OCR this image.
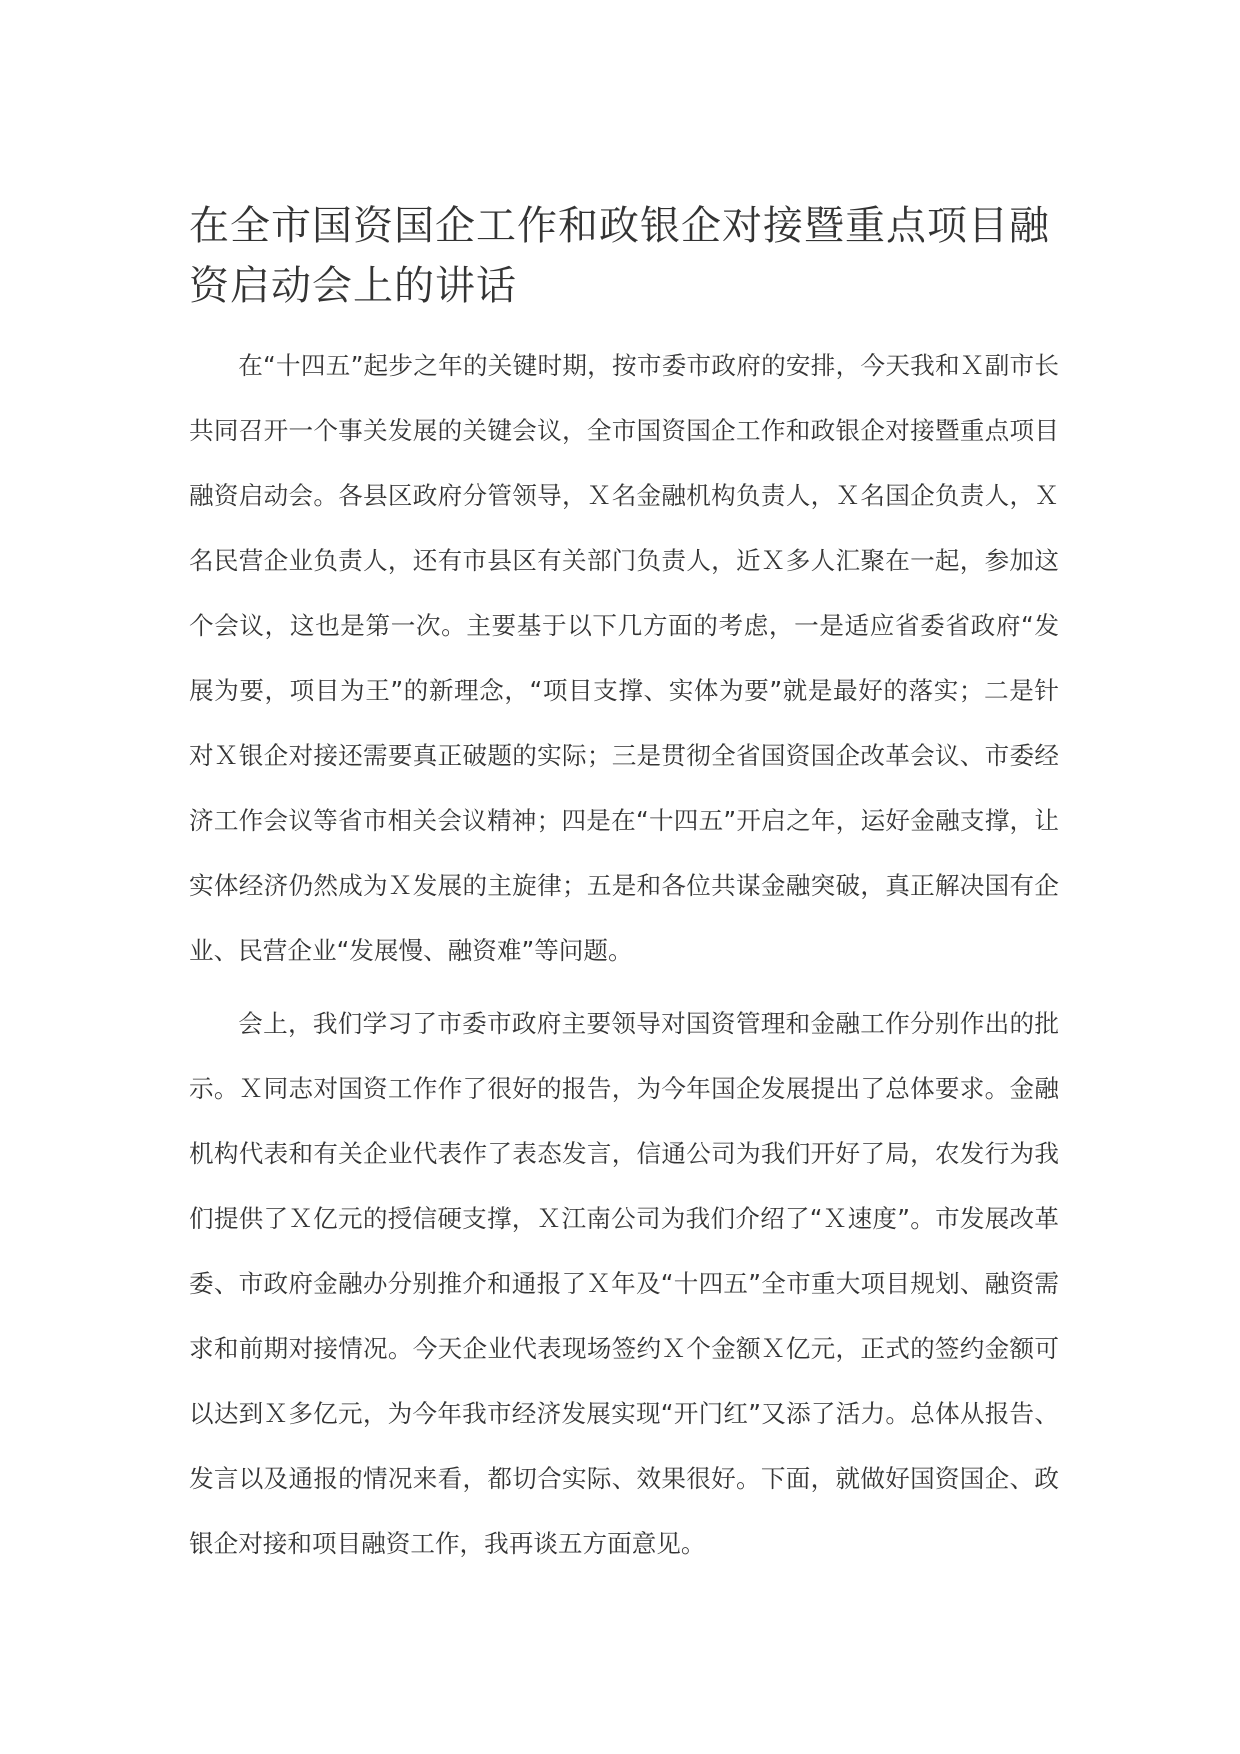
在全市国资国企工作和政银企对接暨重点项目融资启动会上的讲话

在“十四五”起步之年的关键时期，按市委市政府的安排，今天我和Ｘ副市长共同召开一个事关发展的关键会议，全市国资国企工作和政银企对接暨重点项目融资启动会。各县区政府分管领导，Ｘ名金融机构负责人，Ｘ名国企负责人，Ｘ名民营企业负责人，还有市县区有关部门负责人，近Ｘ多人汇聚在一起，参加这个会议，这也是第一次。主要基于以下几方面的考虑，一是适应省委省政府“发展为要，项目为王”的新理念，“项目支撑、实体为要”就是最好的落实；二是针对Ｘ银企对接还需要真正破题的实际；三是贯彻全省国资国企改革会议、市委经济工作会议等省市相关会议精神；四是在“十四五”开启之年，运好金融支撑，让实体经济仍然成为Ｘ发展的主旋律；五是和各位共谋金融突破，真正解决国有企业、民营企业“发展慢、融资难”等问题。

会上，我们学习了市委市政府主要领导对国资管理和金融工作分别作出的批示。Ｘ同志对国资工作作了很好的报告，为今年国企发展提出了总体要求。金融机构代表和有关企业代表作了表态发言，信通公司为我们开好了局，农发行为我们提供了Ｘ亿元的授信硬支撑，Ｘ江南公司为我们介绍了“Ｘ速度”。市发展改革委、市政府金融办分别推介和通报了Ｘ年及“十四五”全市重大项目规划、融资需求和前期对接情况。今天企业代表现场签约Ｘ个金额Ｘ亿元，正式的签约金额可以达到Ｘ多亿元，为今年我市经济发展实现“开门红”又添了活力。总体从报告、发言以及通报的情况来看，都切合实际、效果很好。下面，就做好国资国企、政银企对接和项目融资工作，我再谈五方面意见。
